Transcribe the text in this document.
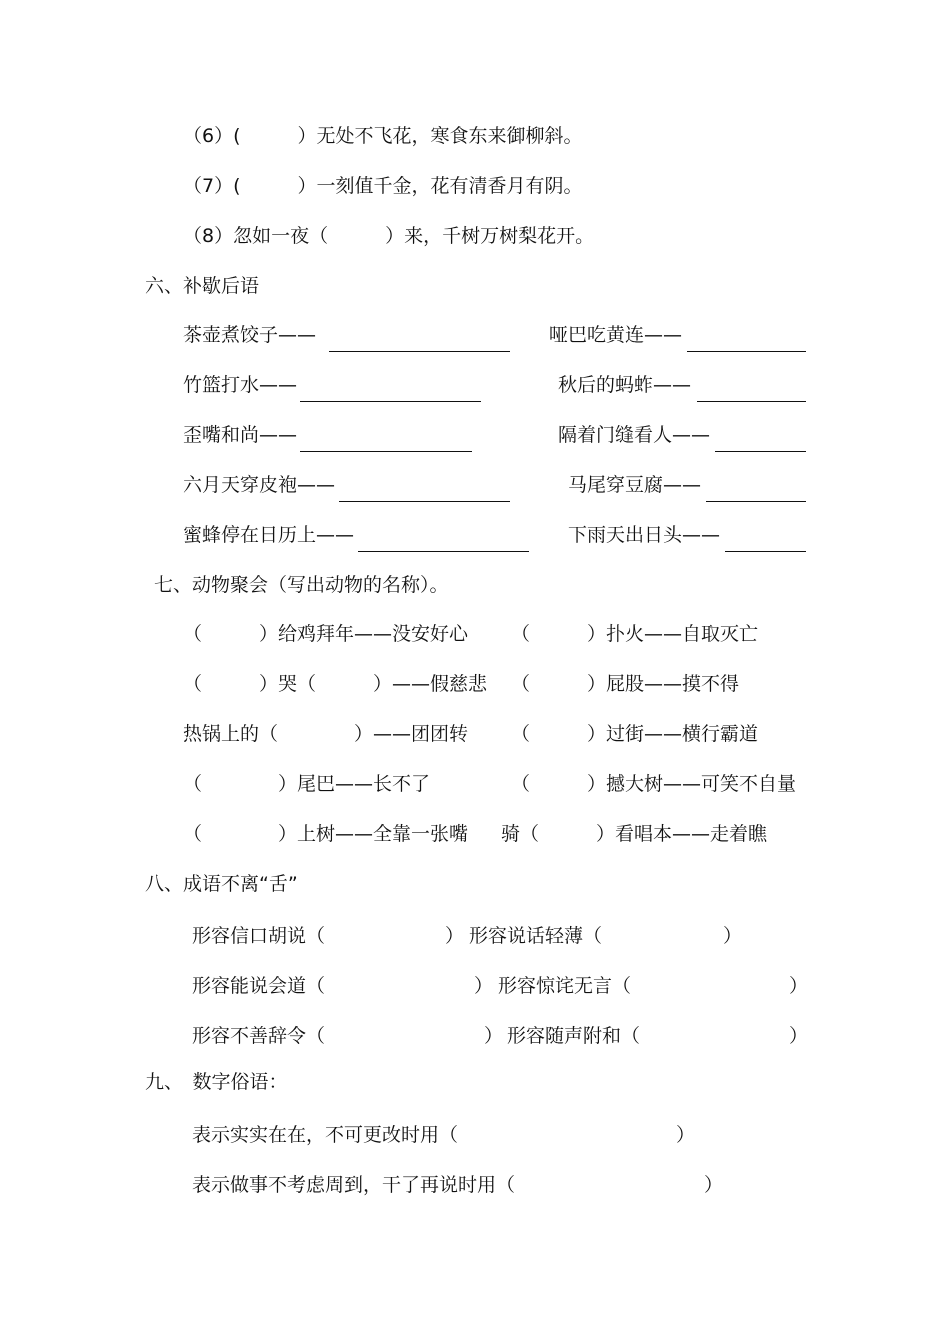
（6）(　　　）无处不飞花，寒食东来御柳斜。
（7）(　　　）一刻值千金，花有清香月有阴。
（8）忽如一夜（　　　）来，千树万树梨花开。
六、补歇后语
茶壶煮饺子——	哑巴吃黄连——
竹篮打水——	秋后的蚂蚱——
歪嘴和尚——	隔着门缝看人——
六月天穿皮袍——	马尾穿豆腐——
蜜蜂停在日历上——	下雨天出日头——
七、动物聚会（写出动物的名称）。
（　　　）给鸡拜年——没安好心 （　　　）扑火——自取灭亡
（　　　）哭（　　　）——假慈悲 （　　　）屁股——摸不得
热锅上的（　　　　）——团团转 （　　　）过街——横行霸道
（　　　　）尾巴——长不了	（　　　）撼大树——可笑不自量
（　　　　）上树——全靠一张嘴 骑（　　　）看唱本——走着瞧
八、成语不离“舌”
形容信口胡说（	） 形容说话轻薄（	）
形容能说会道（	） 形容惊诧无言（	）
形容不善辞令（	） 形容随声附和（	）
九、　数字俗语：
表示实实在在，不可更改时用（	）
表示做事不考虑周到，干了再说时用（	）
